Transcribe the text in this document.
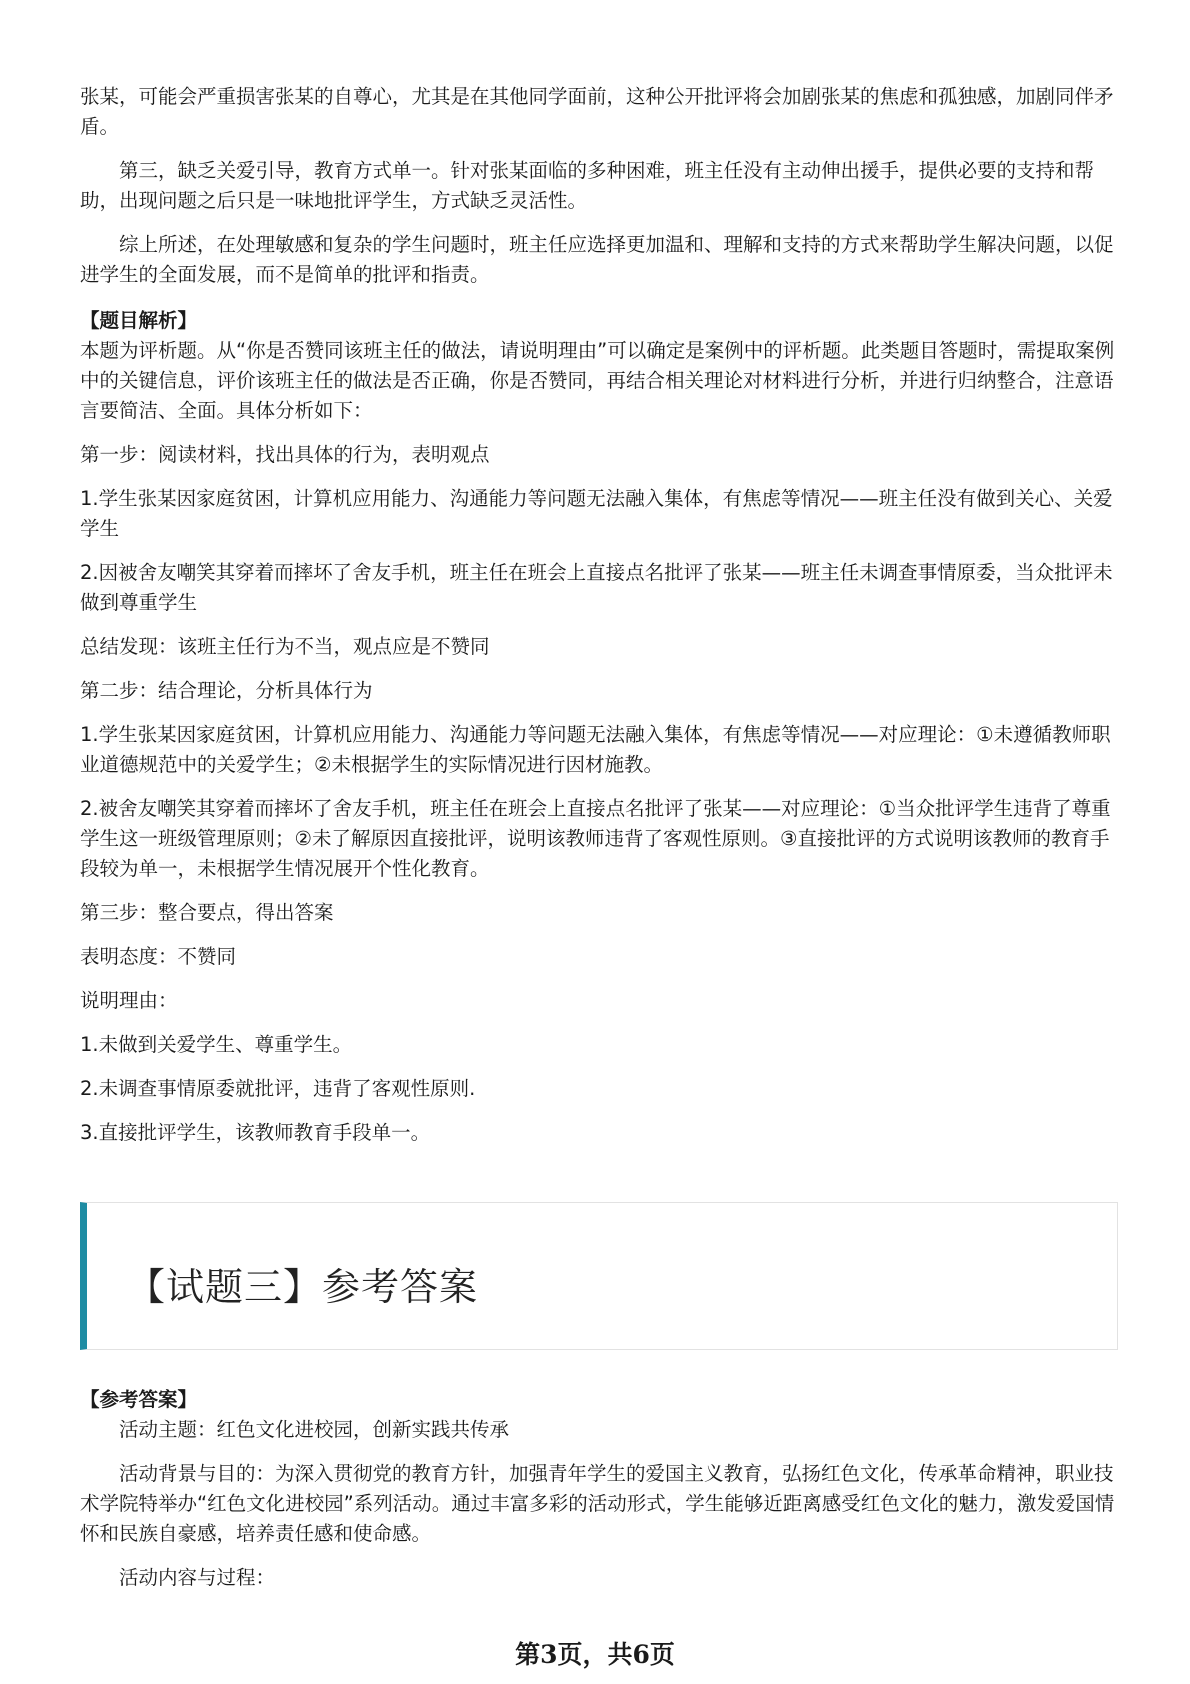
张某，可能会严重损害张某的自尊心，尤其是在其他同学面前，这种公开批评将会加剧张某的焦虑和孤独感，加剧同伴矛盾。

第三，缺乏关爱引导，教育方式单一。针对张某面临的多种困难，班主任没有主动伸出援手，提供必要的支持和帮助，出现问题之后只是一味地批评学生，方式缺乏灵活性。

综上所述，在处理敏感和复杂的学生问题时，班主任应选择更加温和、理解和支持的方式来帮助学生解决问题，以促进学生的全面发展，而不是简单的批评和指责。

【题目解析】

本题为评析题。从“你是否赞同该班主任的做法，请说明理由”可以确定是案例中的评析题。此类题目答题时，需提取案例中的关键信息，评价该班主任的做法是否正确，你是否赞同，再结合相关理论对材料进行分析，并进行归纳整合，注意语言要简洁、全面。具体分析如下：

第一步：阅读材料，找出具体的行为，表明观点

1.学生张某因家庭贫困，计算机应用能力、沟通能力等问题无法融入集体，有焦虑等情况——班主任没有做到关心、关爱学生

2.因被舍友嘲笑其穿着而摔坏了舍友手机，班主任在班会上直接点名批评了张某——班主任未调查事情原委，当众批评未做到尊重学生

总结发现：该班主任行为不当，观点应是不赞同

第二步：结合理论，分析具体行为

1.学生张某因家庭贫困，计算机应用能力、沟通能力等问题无法融入集体，有焦虑等情况——对应理论：①未遵循教师职业道德规范中的关爱学生；②未根据学生的实际情况进行因材施教。

2.被舍友嘲笑其穿着而摔坏了舍友手机，班主任在班会上直接点名批评了张某——对应理论：①当众批评学生违背了尊重学生这一班级管理原则；②未了解原因直接批评，说明该教师违背了客观性原则。③直接批评的方式说明该教师的教育手段较为单一，未根据学生情况展开个性化教育。

第三步：整合要点，得出答案

表明态度：不赞同

说明理由：

1.未做到关爱学生、尊重学生。

2.未调查事情原委就批评，违背了客观性原则.

3.直接批评学生，该教师教育手段单一。

【试题三】参考答案

【参考答案】

活动主题：红色文化进校园，创新实践共传承

活动背景与目的：为深入贯彻党的教育方针，加强青年学生的爱国主义教育，弘扬红色文化，传承革命精神，职业技术学院特举办“红色文化进校园”系列活动。通过丰富多彩的活动形式，学生能够近距离感受红色文化的魅力，激发爱国情怀和民族自豪感，培养责任感和使命感。

活动内容与过程：

第3页，共6页
